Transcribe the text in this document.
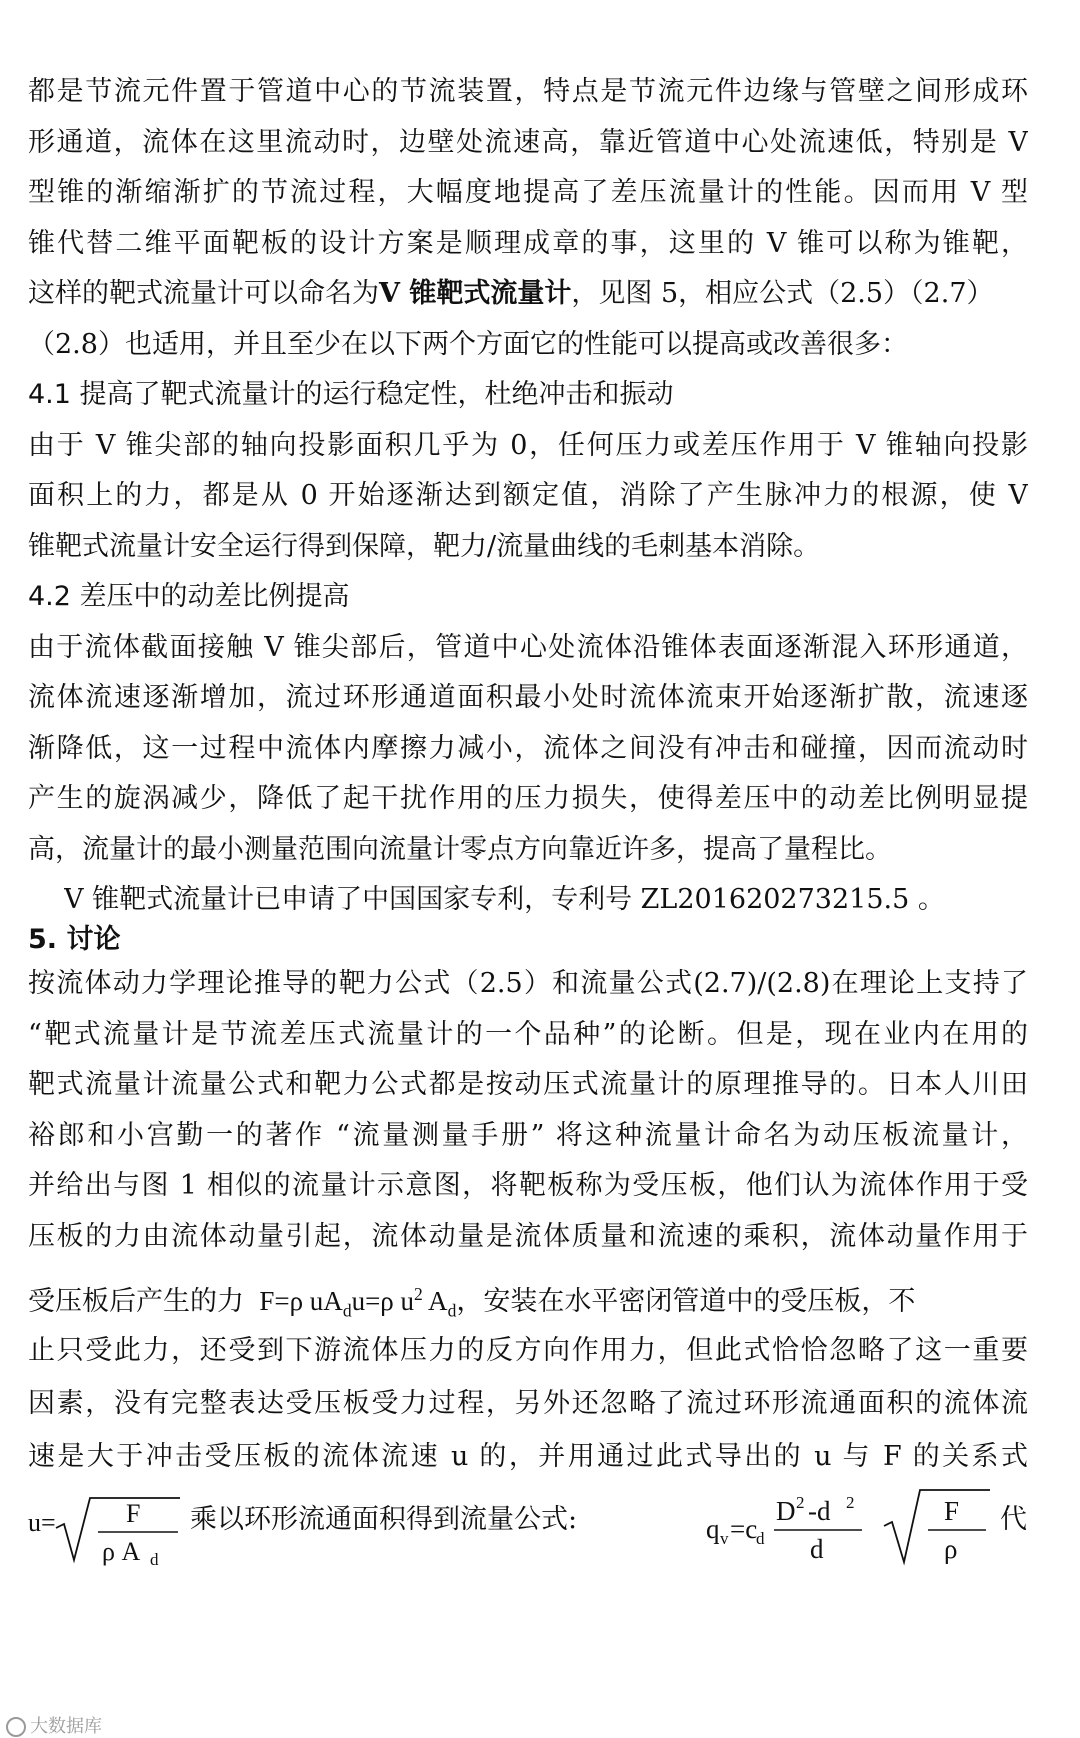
都是节流元件置于管道中心的节流装置，特点是节流元件边缘与管壁之间形成环
形通道，流体在这里流动时，边壁处流速高，靠近管道中心处流速低，特别是 V
型锥的渐缩渐扩的节流过程，大幅度地提高了差压流量计的性能。因而用 V 型
锥代替二维平面靶板的设计方案是顺理成章的事，这里的 V 锥可以称为锥靶，
这样的靶式流量计可以命名为V 锥靶式流量计，见图 5，相应公式（2.5）（2.7）
（2.8）也适用，并且至少在以下两个方面它的性能可以提高或改善很多：
4.1 提高了靶式流量计的运行稳定性，杜绝冲击和振动
由于 V 锥尖部的轴向投影面积几乎为 0，任何压力或差压作用于 V 锥轴向投影
面积上的力，都是从 0 开始逐渐达到额定值，消除了产生脉冲力的根源，使 V
锥靶式流量计安全运行得到保障，靶力/流量曲线的毛刺基本消除。
4.2 差压中的动差比例提高
由于流体截面接触 V 锥尖部后，管道中心处流体沿锥体表面逐渐混入环形通道，
流体流速逐渐增加，流过环形通道面积最小处时流体流束开始逐渐扩散，流速逐
渐降低，这一过程中流体内摩擦力减小，流体之间没有冲击和碰撞，因而流动时
产生的旋涡减少，降低了起干扰作用的压力损失，使得差压中的动差比例明显提
高，流量计的最小测量范围向流量计零点方向靠近许多，提高了量程比。
V 锥靶式流量计已申请了中国国家专利，专利号 ZL201620273215.5 。
5. 讨论
按流体动力学理论推导的靶力公式（2.5）和流量公式(2.7)/(2.8)在理论上支持了
“靶式流量计是节流差压式流量计的一个品种”的论断。但是，现在业内在用的
靶式流量计流量公式和靶力公式都是按动压式流量计的原理推导的。日本人川田
裕郎和小宫勤一的著作 “流量测量手册” 将这种流量计命名为动压板流量计，
并给出与图 1 相似的流量计示意图，将靶板称为受压板，他们认为流体作用于受
压板的力由流体动量引起，流体动量是流体质量和流速的乘积，流体动量作用于
受压板后产生的力  F=ρ $uA_du=\rho$ $u^2$ $A_d$，安装在水平密闭管道中的受压板，不
止只受此力，还受到下游流体压力的反方向作用力，但此式恰恰忽略了这一重要
因素，没有完整表达受压板受力过程，另外还忽略了流过环形流通面积的流体流
速是大于冲击受压板的流体流速 u 的，并用通过此式导出的 u 与 F 的关系式
u=	F
ρ A d
q v =c
d
D 2 -d 2
d
F
ρ
乘以环形流通面积得到流量公式:	代
大数据库
